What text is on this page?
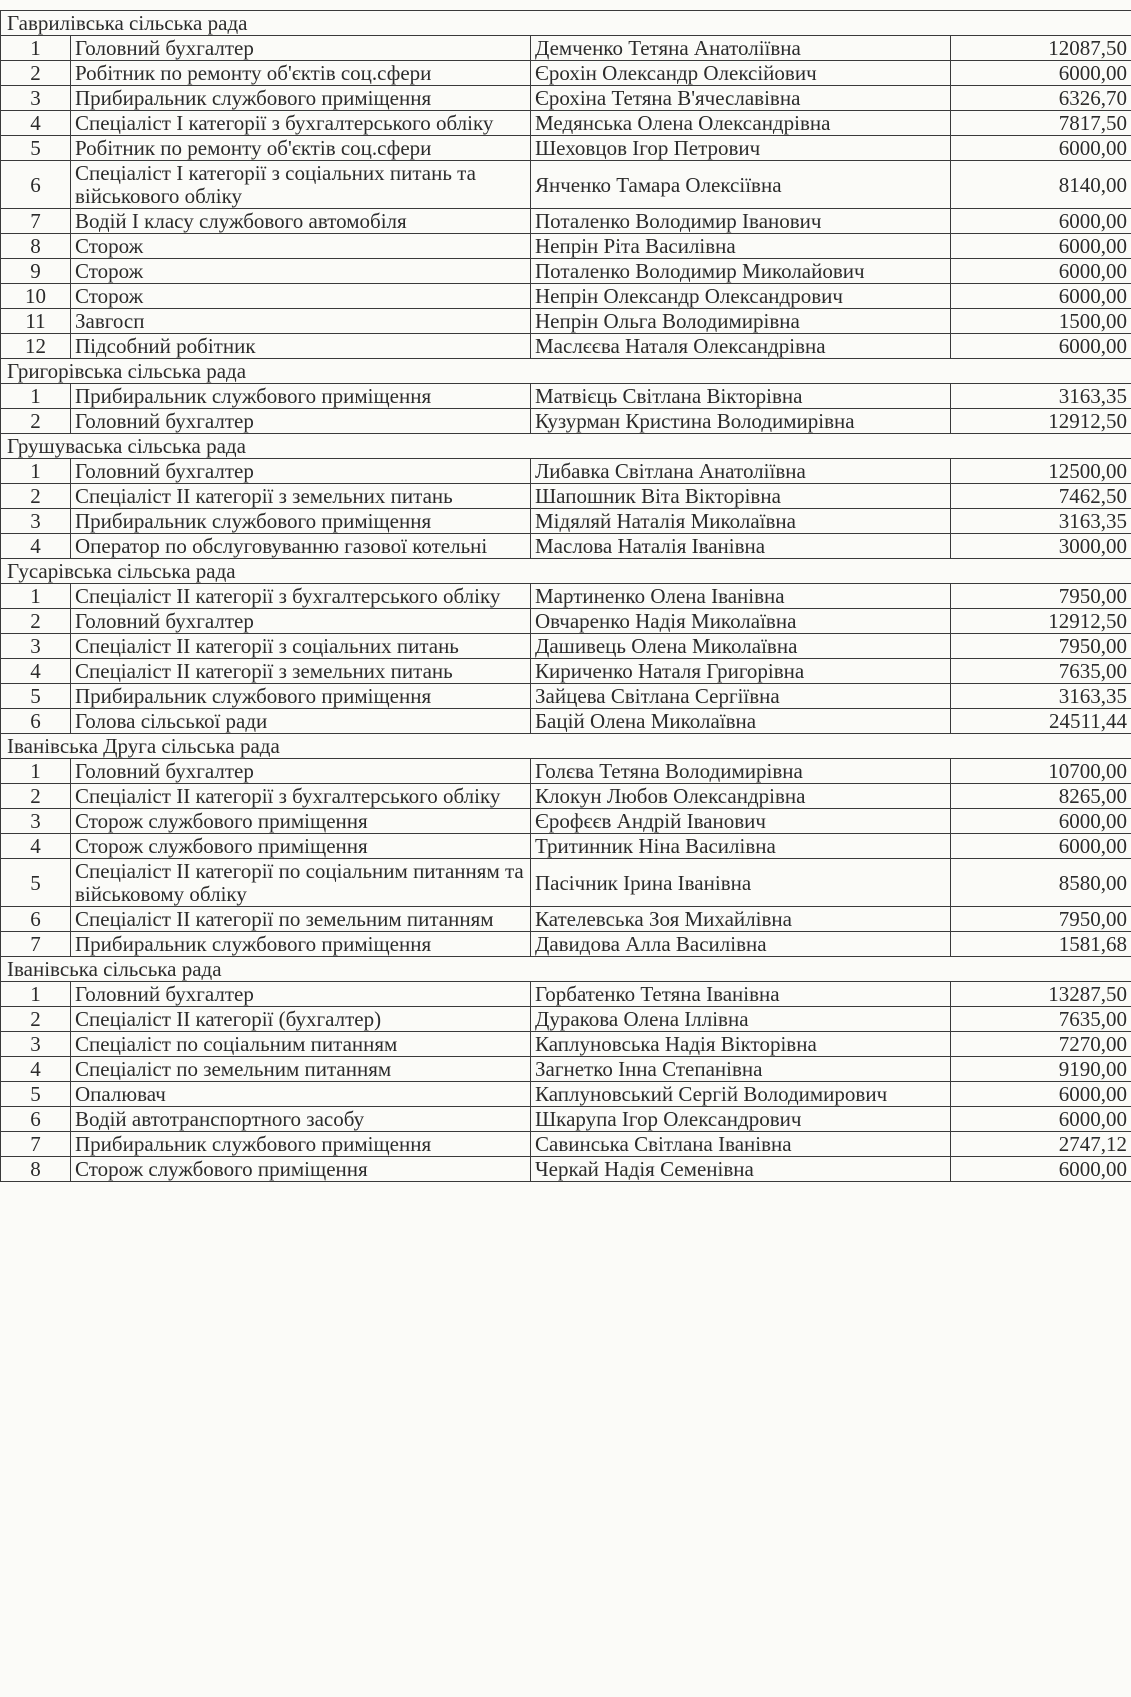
Гаврилівська сільська рада			
1	Головний бухгалтер	Демченко Тетяна Анатоліївна	12087,50
2	Робітник по ремонту об'єктів соц.сфери	Єрохін Олександр Олексійович	6000,00
3	Прибиральник службового приміщення	Єрохіна Тетяна В'ячеславівна	6326,70
4	Спеціаліст I категорії з бухгалтерського обліку	Медянська Олена Олександрівна	7817,50
5	Робітник по ремонту об'єктів соц.сфери	Шеховцов Ігор Петрович	6000,00
6	Спеціаліст I категорії з соціальних питань та військового обліку	Янченко Тамара Олексіївна	8140,00
7	Водій I класу службового автомобіля	Поталенко Володимир Іванович	6000,00
8	Сторож	Непрін Рiта Василівна	6000,00
9	Сторож	Поталенко Володимир Миколайович	6000,00
10	Сторож	Непрін Олександр Олександрович	6000,00
11	Завгосп	Непрін Ольга Володимирівна	1500,00
12	Підсобний робітник	Маслєєва Наталя Олександрівна	6000,00
Григорівська сільська рада			
1	Прибиральник службового приміщення	Матвієць Світлана Вікторівна	3163,35
2	Головний бухгалтер	Кузурман Кристина Володимирівна	12912,50
Грушуваська сільська рада			
1	Головний бухгалтер	Либавка Світлана Анатоліївна	12500,00
2	Спеціаліст II категорії з земельних питань	Шапошник Віта Вікторівна	7462,50
3	Прибиральник службового приміщення	Мідяляй Наталія Миколаївна	3163,35
4	Оператор по обслуговуванню газової котельні	Маслова Наталія Іванівна	3000,00
Гусарівська сільська рада			
1	Спеціаліст II категорії з бухгалтерського обліку	Мартиненко Олена Іванівна	7950,00
2	Головний бухгалтер	Овчаренко Надія Миколаївна	12912,50
3	Спеціаліст II категорії з соціальних питань	Дашивець Олена Миколаївна	7950,00
4	Спеціаліст II категорії з земельних питань	Кириченко Наталя Григорівна	7635,00
5	Прибиральник службового приміщення	Зайцева Світлана Сергіївна	3163,35
6	Голова сільської ради	Бацій Олена Миколаївна	24511,44
Іванівська Друга сільська рада			
1	Головний бухгалтер	Голєва Тетяна Володимирівна	10700,00
2	Спеціаліст II категорії з бухгалтерського обліку	Клокун Любов Олександрівна	8265,00
3	Сторож службового приміщення	Єрофєєв Андрій Іванович	6000,00
4	Сторож службового приміщення	Тритинник Ніна Василівна	6000,00
5	Спеціаліст II категорії по соціальним питанням та військовому обліку	Пасічник Ірина Іванівна	8580,00
6	Спеціаліст II категорії по земельним питанням	Кателевська Зоя Михайлівна	7950,00
7	Прибиральник службового приміщення	Давидова Алла Василівна	1581,68
Іванівська сільська рада			
1	Головний бухгалтер	Горбатенко Тетяна Іванівна	13287,50
2	Спеціаліст II категорії (бухгалтер)	Дуракова Олена Іллівна	7635,00
3	Спеціаліст по соціальним питанням	Каплуновська Надія Вікторівна	7270,00
4	Спеціаліст по земельним питанням	Загнетко Інна Степанівна	9190,00
5	Опалювач	Каплуновський Сергій Володимирович	6000,00
6	Водій автотранспортного засобу	Шкарупа Ігор Олександрович	6000,00
7	Прибиральник службового приміщення	Савинська Світлана Іванівна	2747,12
8	Сторож службового приміщення	Черкай Надія Семенівна	6000,00
